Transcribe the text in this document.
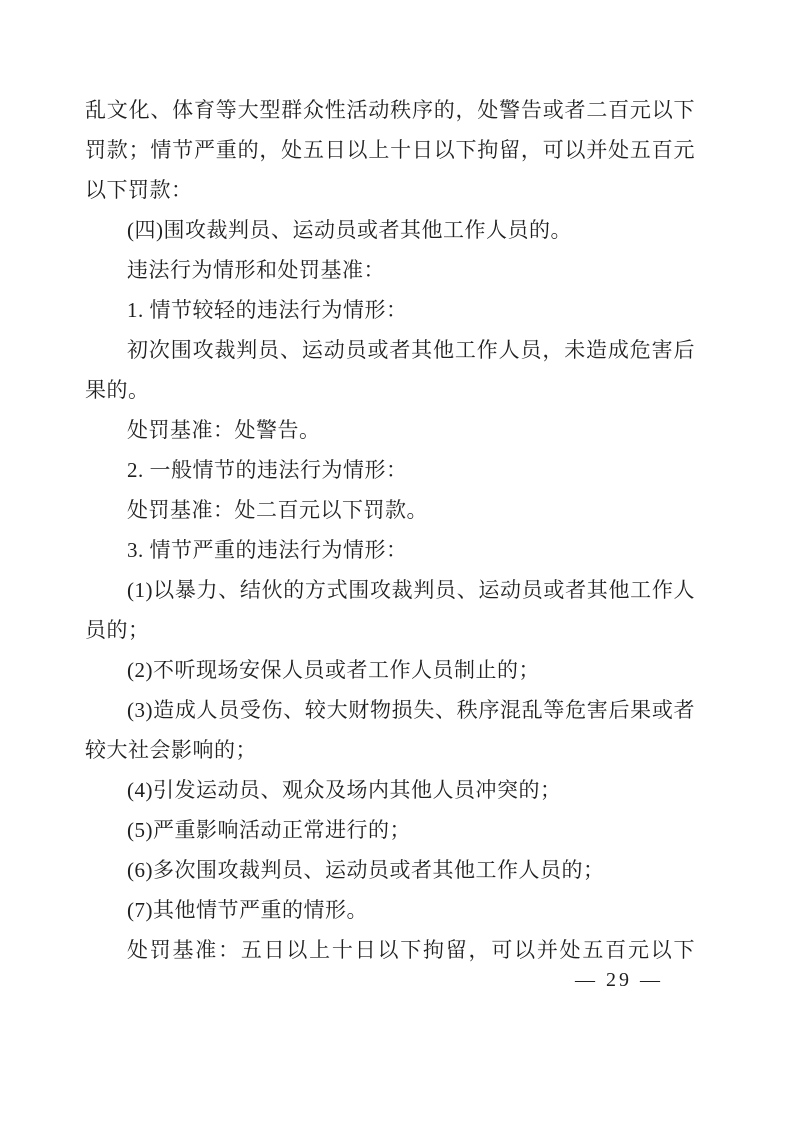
乱文化、体育等大型群众性活动秩序的，处警告或者二百元以下罚款；情节严重的，处五日以上十日以下拘留，可以并处五百元以下罚款：

(四)围攻裁判员、运动员或者其他工作人员的。

违法行为情形和处罚基准：

1. 情节较轻的违法行为情形：

初次围攻裁判员、运动员或者其他工作人员，未造成危害后果的。

处罚基准：处警告。

2. 一般情节的违法行为情形：

处罚基准：处二百元以下罚款。

3. 情节严重的违法行为情形：

(1)以暴力、结伙的方式围攻裁判员、运动员或者其他工作人员的；

(2)不听现场安保人员或者工作人员制止的；

(3)造成人员受伤、较大财物损失、秩序混乱等危害后果或者较大社会影响的；

(4)引发运动员、观众及场内其他人员冲突的；

(5)严重影响活动正常进行的；

(6)多次围攻裁判员、运动员或者其他工作人员的；

(7)其他情节严重的情形。

处罚基准：五日以上十日以下拘留，可以并处五百元以下

— 29 —
